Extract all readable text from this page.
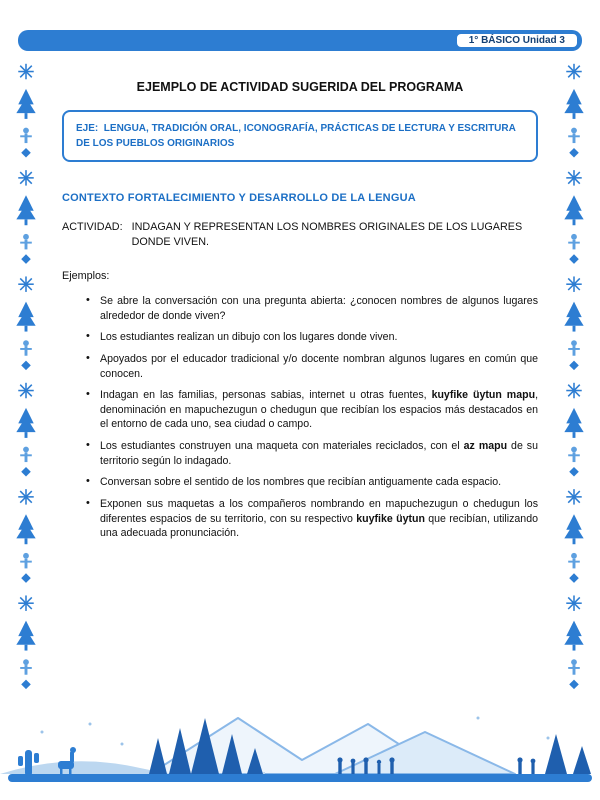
1° BÁSICO Unidad 3
EJEMPLO DE ACTIVIDAD SUGERIDA DEL PROGRAMA
EJE:  LENGUA, TRADICIÓN ORAL, ICONOGRAFÍA, PRÁCTICAS DE LECTURA Y ESCRITURA DE LOS PUEBLOS ORIGINARIOS
CONTEXTO FORTALECIMIENTO Y DESARROLLO DE LA LENGUA
ACTIVIDAD: INDAGAN Y REPRESENTAN LOS NOMBRES ORIGINALES DE LOS LUGARES DONDE VIVEN.
Ejemplos:
• Se abre la conversación con una pregunta abierta: ¿conocen nombres de algunos lugares alrededor de donde viven?
• Los estudiantes realizan un dibujo con los lugares donde viven.
• Apoyados por el educador tradicional y/o docente nombran algunos lugares en común que conocen.
• Indagan en las familias, personas sabias, internet u otras fuentes, kuyfike üytun mapu, denominación en mapuchezugun o chedugun que recibían los espacios más destacados en el entorno de cada uno, sea ciudad o campo.
• Los estudiantes construyen una maqueta con materiales reciclados, con el az mapu de su territorio según lo indagado.
• Conversan sobre el sentido de los nombres que recibían antiguamente cada espacio.
• Exponen sus maquetas a los compañeros nombrando en mapuchezugun o chedugun los diferentes espacios de su territorio, con su respectivo kuyfike üytun que recibían, utilizando una adecuada pronunciación.
